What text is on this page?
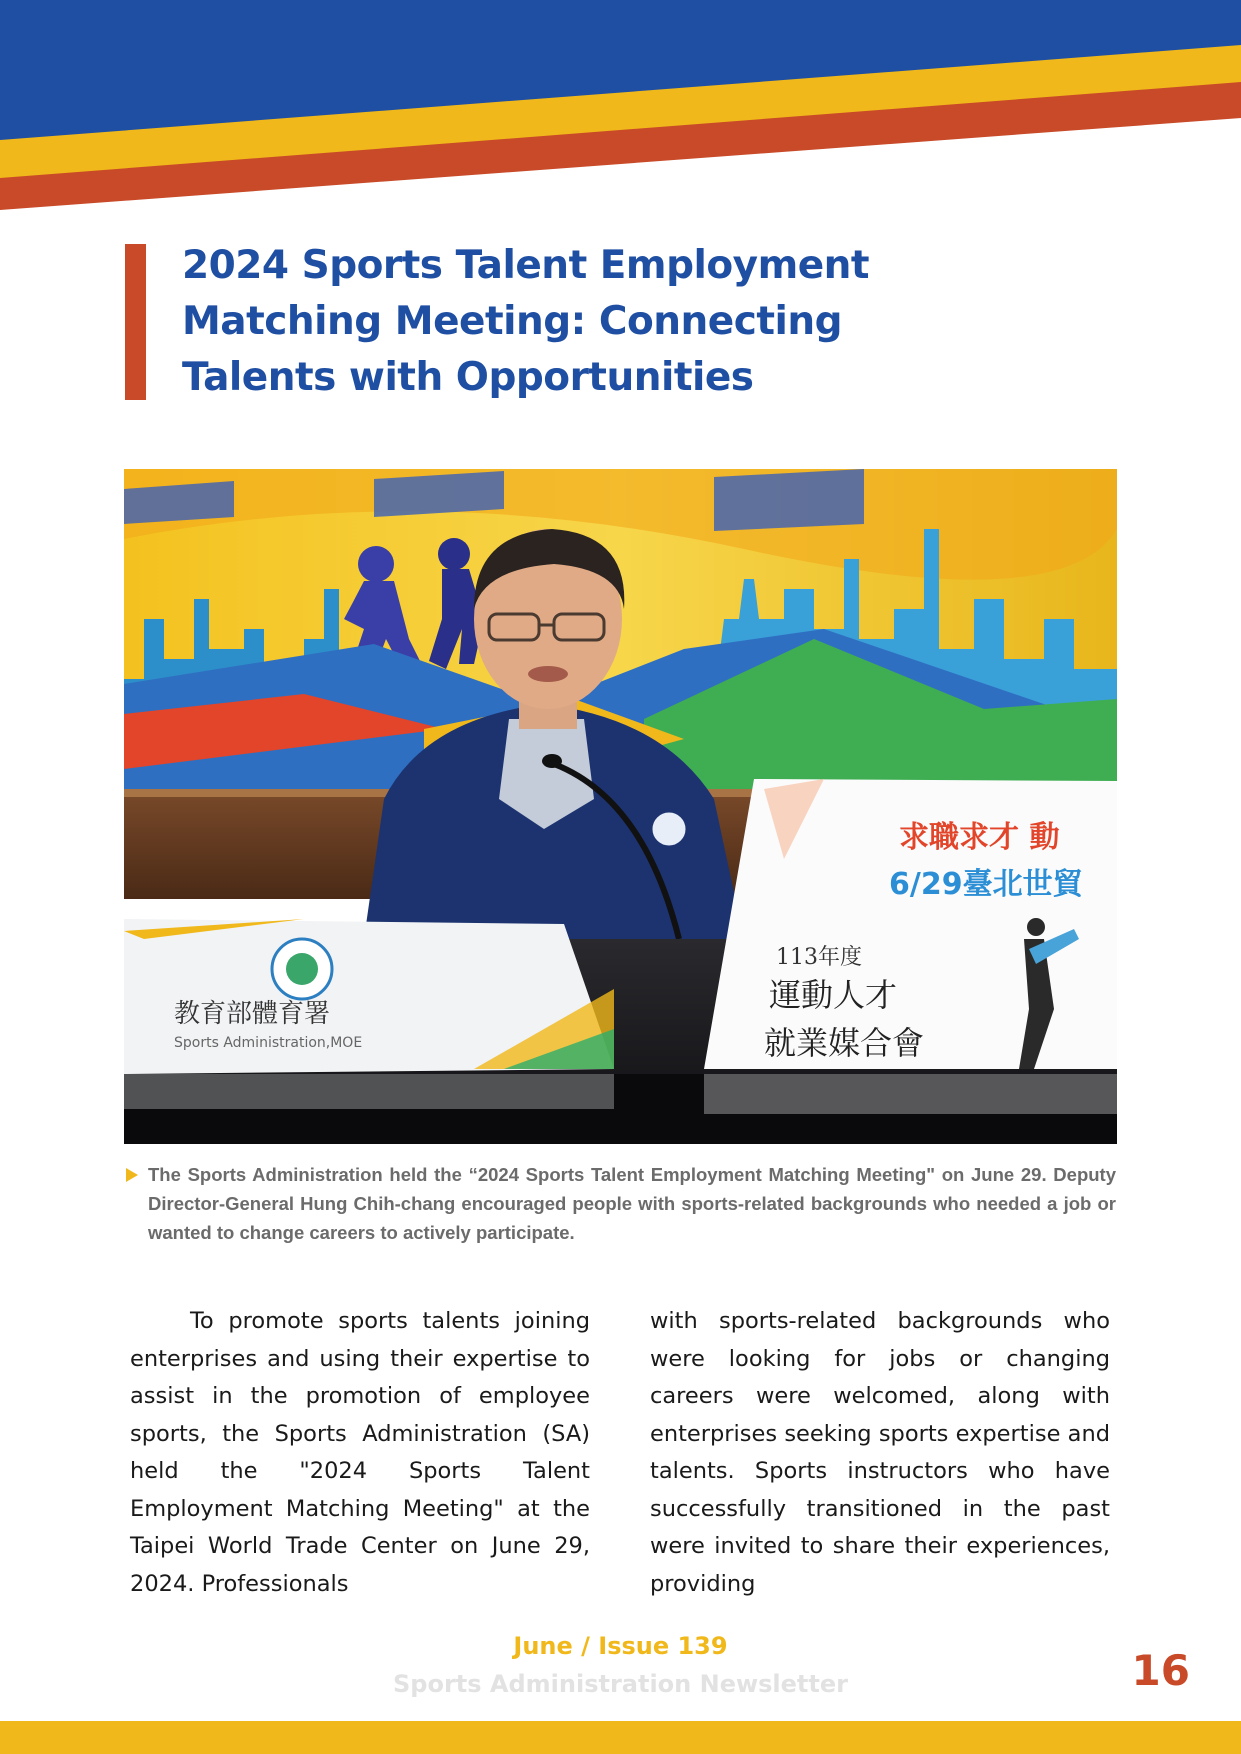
2024 Sports Talent Employment
Matching Meeting: Connecting
Talents with Opportunities
教育部體育署
Sports Administration,MOE
求職求才 動
6/29臺北世貿
113年度
運動人才
就業媒合會
The Sports Administration held the “2024 Sports Talent Employment Matching Meeting" on June 29. Deputy Director-General Hung Chih-chang encouraged people with sports-related backgrounds who needed a job or wanted to change careers to actively participate.

To promote sports talents joining enterprises and using their expertise to assist in the promotion of employee sports, the Sports Administration (SA) held the "2024 Sports Talent Employment Matching Meeting" at the Taipei World Trade Center on June 29, 2024. Professionals

with sports-related backgrounds who were looking for jobs or changing careers were welcomed, along with enterprises seeking sports expertise and talents. Sports instructors who have successfully transitioned in the past were invited to share their experiences, providing

June / Issue 139
Sports Administration Newsletter	16
